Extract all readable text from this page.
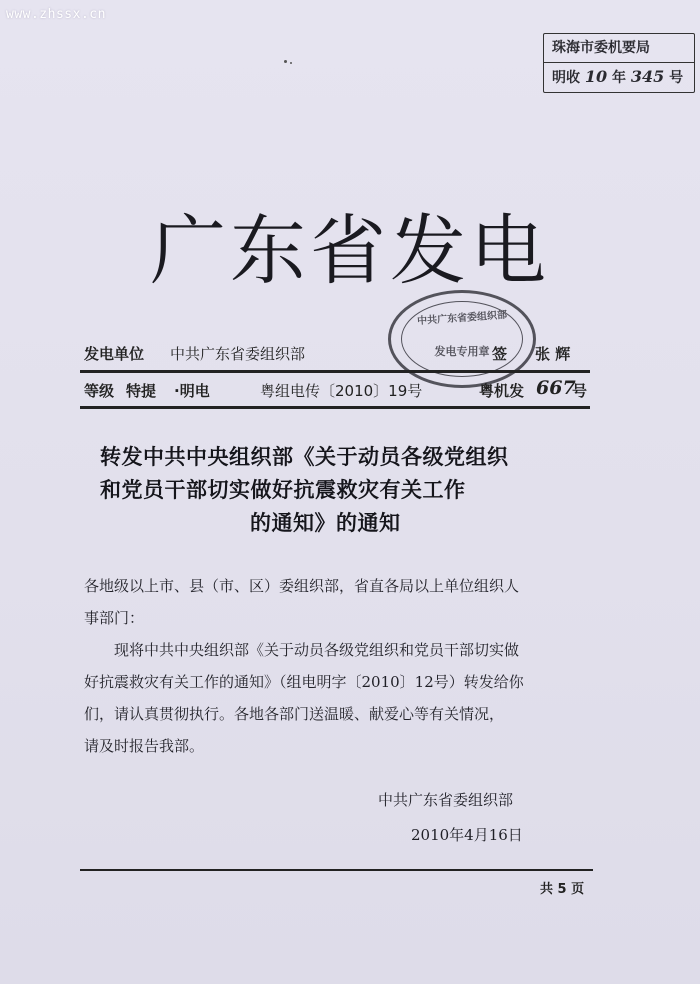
www.zhssx.cn
珠海市委机要局
明收 10 年 345 号
广东省发电
中共广东省委组织部
发电专用章
发电单位 中共广东省委组织部	签 张 辉
等级 特提 ·明电	粤组电传〔2010〕19号	粤机发 667
号
转发中共中央组织部《关于动员各级党组织
和党员干部切实做好抗震救灾有关工作
的通知》的通知
各地级以上市、县（市、区）委组织部，省直各局以上单位组织人
事部门：
现将中共中央组织部《关于动员各级党组织和党员干部切实做
好抗震救灾有关工作的通知》（组电明字〔2010〕12号）转发给你
们，请认真贯彻执行。各地各部门送温暖、献爱心等有关情况，
请及时报告我部。
中共广东省委组织部
2010年4月16日
共 5 页
